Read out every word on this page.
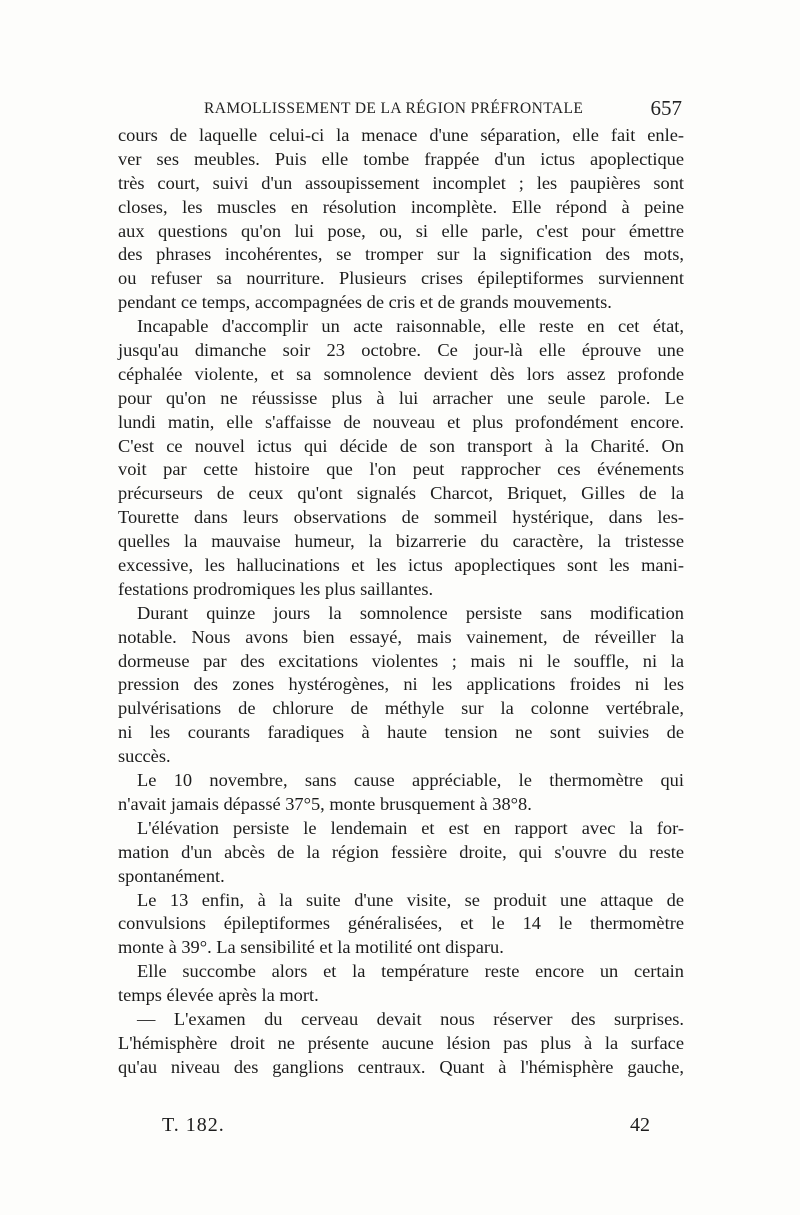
RAMOLLISSEMENT DE LA RÉGION PRÉFRONTALE	657
cours de laquelle celui-ci la menace d'une séparation, elle fait enle-
ver ses meubles. Puis elle tombe frappée d'un ictus apoplectique
très court, suivi d'un assoupissement incomplet ; les paupières sont
closes, les muscles en résolution incomplète. Elle répond à peine
aux questions qu'on lui pose, ou, si elle parle, c'est pour émettre
des phrases incohérentes, se tromper sur la signification des mots,
ou refuser sa nourriture. Plusieurs crises épileptiformes surviennent
pendant ce temps, accompagnées de cris et de grands mouvements.
Incapable d'accomplir un acte raisonnable, elle reste en cet état,
jusqu'au dimanche soir 23 octobre. Ce jour-là elle éprouve une
céphalée violente, et sa somnolence devient dès lors assez profonde
pour qu'on ne réussisse plus à lui arracher une seule parole. Le
lundi matin, elle s'affaisse de nouveau et plus profondément encore.
C'est ce nouvel ictus qui décide de son transport à la Charité. On
voit par cette histoire que l'on peut rapprocher ces événements
précurseurs de ceux qu'ont signalés Charcot, Briquet, Gilles de la
Tourette dans leurs observations de sommeil hystérique, dans les-
quelles la mauvaise humeur, la bizarrerie du caractère, la tristesse
excessive, les hallucinations et les ictus apoplectiques sont les mani-
festations prodromiques les plus saillantes.
Durant quinze jours la somnolence persiste sans modification
notable. Nous avons bien essayé, mais vainement, de réveiller la
dormeuse par des excitations violentes ; mais ni le souffle, ni la
pression des zones hystérogènes, ni les applications froides ni les
pulvérisations de chlorure de méthyle sur la colonne vertébrale,
ni les courants faradiques à haute tension ne sont suivies de
succès.
Le 10 novembre, sans cause appréciable, le thermomètre qui
n'avait jamais dépassé 37°5, monte brusquement à 38°8.
L'élévation persiste le lendemain et est en rapport avec la for-
mation d'un abcès de la région fessière droite, qui s'ouvre du reste
spontanément.
Le 13 enfin, à la suite d'une visite, se produit une attaque de
convulsions épileptiformes généralisées, et le 14 le thermomètre
monte à 39°. La sensibilité et la motilité ont disparu.
Elle succombe alors et la température reste encore un certain
temps élevée après la mort.
— L'examen du cerveau devait nous réserver des surprises.
L'hémisphère droit ne présente aucune lésion pas plus à la surface
qu'au niveau des ganglions centraux. Quant à l'hémisphère gauche,
T. 182.	42
